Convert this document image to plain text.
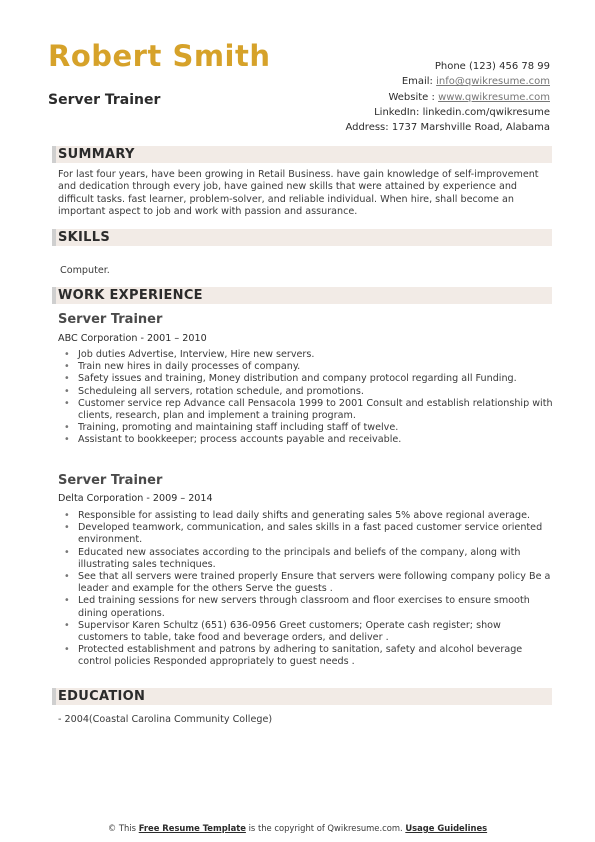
Robert Smith
Server Trainer
Phone (123) 456 78 99
Email: info@qwikresume.com
Website : www.qwikresume.com
LinkedIn: linkedin.com/qwikresume
Address: 1737 Marshville Road, Alabama
SUMMARY
For last four years, have been growing in Retail Business. have gain knowledge of self-improvement and dedication through every job, have gained new skills that were attained by experience and difficult tasks. fast learner, problem-solver, and reliable individual. When hire, shall become an important aspect to job and work with passion and assurance.
SKILLS
Computer.
WORK EXPERIENCE
Server Trainer
ABC Corporation - 2001 – 2010
• Job duties Advertise, Interview, Hire new servers.
• Train new hires in daily processes of company.
• Safety issues and training, Money distribution and company protocol regarding all Funding.
• Scheduleing all servers, rotation schedule, and promotions.
• Customer service rep Advance call Pensacola 1999 to 2001 Consult and establish relationship with clients, research, plan and implement a training program.
• Training, promoting and maintaining staff including staff of twelve.
• Assistant to bookkeeper; process accounts payable and receivable.
Server Trainer
Delta Corporation - 2009 – 2014
• Responsible for assisting to lead daily shifts and generating sales 5% above regional average.
• Developed teamwork, communication, and sales skills in a fast paced customer service oriented environment.
• Educated new associates according to the principals and beliefs of the company, along with illustrating sales techniques.
• See that all servers were trained properly Ensure that servers were following company policy Be a leader and example for the others Serve the guests .
• Led training sessions for new servers through classroom and floor exercises to ensure smooth dining operations.
• Supervisor Karen Schultz (651) 636-0956 Greet customers; Operate cash register; show customers to table, take food and beverage orders, and deliver .
• Protected establishment and patrons by adhering to sanitation, safety and alcohol beverage control policies Responded appropriately to guest needs .
EDUCATION
- 2004(Coastal Carolina Community College)
© This Free Resume Template is the copyright of Qwikresume.com. Usage Guidelines
